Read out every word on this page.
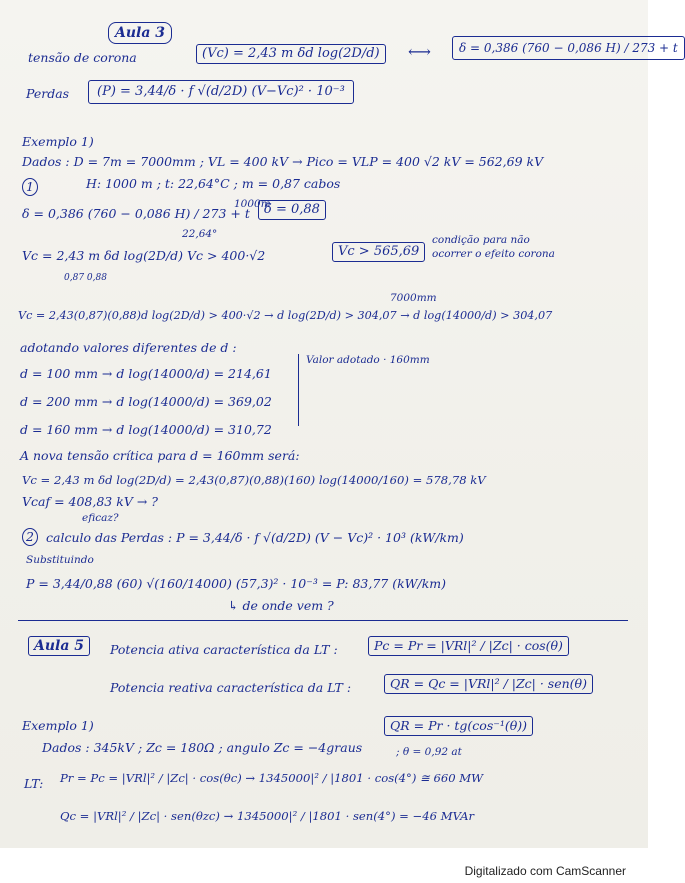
Aula 3
tensão de corona	(Vc) = 2,43 m δd log(2D/d)	⟷	δ = 0,386 (760 − 0,086 H) / 273 + t
Perdas	(P) = 3,44/δ · f √(d/2D) (V−Vc)² · 10⁻³
Exemplo 1)
Dados : D = 7m = 7000mm ; VL = 400 kV → Pico = VLP = 400 √2 kV = 562,69 kV
1	H: 1000 m ; t: 22,64°C ; m = 0,87 cabos
1000m
δ = 0,386 (760 − 0,086 H) / 273 + t	δ = 0,88
22,64°
Vc = 2,43 m δd log(2D/d) Vc > 400·√2	Vc > 565,69
condição para não
ocorrer o efeito corona
0,87 0,88
7000mm
Vc = 2,43(0,87)(0,88)d log(2D/d) > 400·√2 → d log(2D/d) > 304,07 → d log(14000/d) > 304,07
adotando valores diferentes de d :
Valor adotado · 160mm
d = 100 mm → d log(14000/d) = 214,61
d = 200 mm → d log(14000/d) = 369,02
d = 160 mm → d log(14000/d) = 310,72
A nova tensão crítica para d = 160mm será:
Vc = 2,43 m δd log(2D/d) = 2,43(0,87)(0,88)(160) log(14000/160) = 578,78 kV
Vcaf = 408,83 kV → ?
eficaz?
2 calculo das Perdas : P = 3,44/δ · f √(d/2D) (V − Vc)² · 10³ (kW/km)
Substituindo
P = 3,44/0,88 (60) √(160/14000) (57,3)² · 10⁻³ = P: 83,77 (kW/km)
↳ de onde vem ?
Aula 5	Potencia ativa característica da LT :	Pc = Pr = |VRl|² / |Zc| · cos(θ)
Potencia reativa característica da LT :	QR = Qc = |VRl|² / |Zc| · sen(θ)
Exemplo 1)	QR = Pr · tg(cos⁻¹(θ))
Dados : 345kV ; Zc = 180Ω ; angulo Zc = −4graus	; θ = 0,92 at
LT: Pr = Pc = |VRl|² / |Zc| · cos(θc) → 1345000|² / |1801 · cos(4°) ≅ 660 MW
Qc = |VRl|² / |Zc| · sen(θzc) → 1345000|² / |1801 · sen(4°) = −46 MVAr
Digitalizado com CamScanner
